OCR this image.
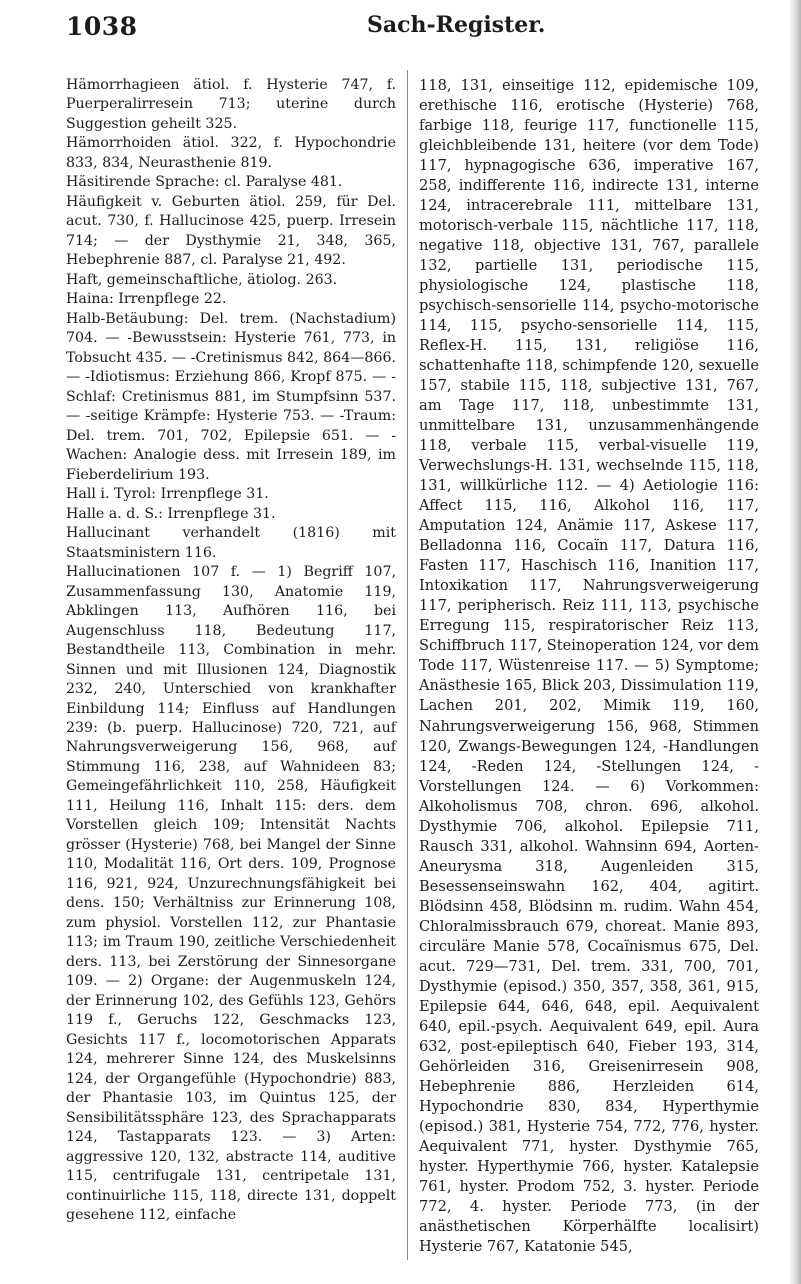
1038	Sach-Register.

Hämorrhagieen ätiol. f. Hysterie 747, f. Puerperalirresein 713; uterine durch Suggestion geheilt 325.

Hämorrhoiden ätiol. 322, f. Hypochondrie 833, 834, Neurasthenie 819.

Häsitirende Sprache: cl. Paralyse 481.

Häufigkeit v. Geburten ätiol. 259, für Del. acut. 730, f. Hallucinose 425, puerp. Irresein 714; — der Dysthymie 21, 348, 365, Hebephrenie 887, cl. Paralyse 21, 492.

Haft, gemeinschaftliche, ätiolog. 263.

Haina: Irrenpflege 22.

Halb-Betäubung: Del. trem. (Nachstadium) 704. — -Bewusstsein: Hysterie 761, 773, in Tobsucht 435. — -Cretinismus 842, 864—866. — -Idiotismus: Erziehung 866, Kropf 875. — -Schlaf: Cretinismus 881, im Stumpfsinn 537. — -seitige Krämpfe: Hysterie 753. — -Traum: Del. trem. 701, 702, Epilepsie 651. — -Wachen: Analogie dess. mit Irresein 189, im Fieberdelirium 193.

Hall i. Tyrol: Irrenpflege 31.

Halle a. d. S.: Irrenpflege 31.

Hallucinant verhandelt (1816) mit Staatsministern 116.

Hallucinationen 107 f. — 1) Begriff 107, Zusammenfassung 130, Anatomie 119, Abklingen 113, Aufhören 116, bei Augenschluss 118, Bedeutung 117, Bestandtheile 113, Combination in mehr. Sinnen und mit Illusionen 124, Diagnostik 232, 240, Unterschied von krankhafter Einbildung 114; Einfluss auf Handlungen 239: (b. puerp. Hallucinose) 720, 721, auf Nahrungsverweigerung 156, 968, auf Stimmung 116, 238, auf Wahnideen 83; Gemeingefährlichkeit 110, 258, Häufigkeit 111, Heilung 116, Inhalt 115: ders. dem Vorstellen gleich 109; Intensität Nachts grösser (Hysterie) 768, bei Mangel der Sinne 110, Modalität 116, Ort ders. 109, Prognose 116, 921, 924, Unzurechnungsfähigkeit bei dens. 150; Verhältniss zur Erinnerung 108, zum physiol. Vorstellen 112, zur Phantasie 113; im Traum 190, zeitliche Verschiedenheit ders. 113, bei Zerstörung der Sinnesorgane 109. — 2) Organe: der Augenmuskeln 124, der Erinnerung 102, des Gefühls 123, Gehörs 119 f., Geruchs 122, Geschmacks 123, Gesichts 117 f., locomotorischen Apparats 124, mehrerer Sinne 124, des Muskelsinns 124, der Organgefühle (Hypochondrie) 883, der Phantasie 103, im Quintus 125, der Sensibilitätssphäre 123, des Sprachapparats 124, Tastapparats 123. — 3) Arten: aggressive 120, 132, abstracte 114, auditive 115, centrifugale 131, centripetale 131, continuirliche 115, 118, directe 131, doppelt gesehene 112, einfache

118, 131, einseitige 112, epidemische 109, erethische 116, erotische (Hysterie) 768, farbige 118, feurige 117, functionelle 115, gleichbleibende 131, heitere (vor dem Tode) 117, hypnagogische 636, imperative 167, 258, indifferente 116, indirecte 131, interne 124, intracerebrale 111, mittelbare 131, motorisch-verbale 115, nächtliche 117, 118, negative 118, objective 131, 767, parallele 132, partielle 131, periodische 115, physiologische 124, plastische 118, psychisch-sensorielle 114, psycho-motorische 114, 115, psycho-sensorielle 114, 115, Reflex-H. 115, 131, religiöse 116, schattenhafte 118, schimpfende 120, sexuelle 157, stabile 115, 118, subjective 131, 767, am Tage 117, 118, unbestimmte 131, unmittelbare 131, unzusammenhängende 118, verbale 115, verbal-visuelle 119, Verwechslungs-H. 131, wechselnde 115, 118, 131, willkürliche 112. — 4) Aetiologie 116: Affect 115, 116, Alkohol 116, 117, Amputation 124, Anämie 117, Askese 117, Belladonna 116, Cocaïn 117, Datura 116, Fasten 117, Haschisch 116, Inanition 117, Intoxikation 117, Nahrungsverweigerung 117, peripherisch. Reiz 111, 113, psychische Erregung 115, respiratorischer Reiz 113, Schiffbruch 117, Steinoperation 124, vor dem Tode 117, Wüstenreise 117. — 5) Symptome; Anästhesie 165, Blick 203, Dissimulation 119, Lachen 201, 202, Mimik 119, 160, Nahrungsverweigerung 156, 968, Stimmen 120, Zwangs-Bewegungen 124, -Handlungen 124, -Reden 124, -Stellungen 124, -Vorstellungen 124. — 6) Vorkommen: Alkoholismus 708, chron. 696, alkohol. Dysthymie 706, alkohol. Epilepsie 711, Rausch 331, alkohol. Wahnsinn 694, Aorten-Aneurysma 318, Augenleiden 315, Besessenseinswahn 162, 404, agitirt. Blödsinn 458, Blödsinn m. rudim. Wahn 454, Chloralmissbrauch 679, choreat. Manie 893, circuläre Manie 578, Cocaïnismus 675, Del. acut. 729—731, Del. trem. 331, 700, 701, Dysthymie (episod.) 350, 357, 358, 361, 915, Epilepsie 644, 646, 648, epil. Aequivalent 640, epil.-psych. Aequivalent 649, epil. Aura 632, post-epileptisch 640, Fieber 193, 314, Gehörleiden 316, Greisenirresein 908, Hebephrenie 886, Herzleiden 614, Hypochondrie 830, 834, Hyperthymie (episod.) 381, Hysterie 754, 772, 776, hyster. Aequivalent 771, hyster. Dysthymie 765, hyster. Hyperthymie 766, hyster. Katalepsie 761, hyster. Prodom 752, 3. hyster. Periode 772, 4. hyster. Periode 773, (in der anästhetischen Körperhälfte localisirt) Hysterie 767, Katatonie 545,
